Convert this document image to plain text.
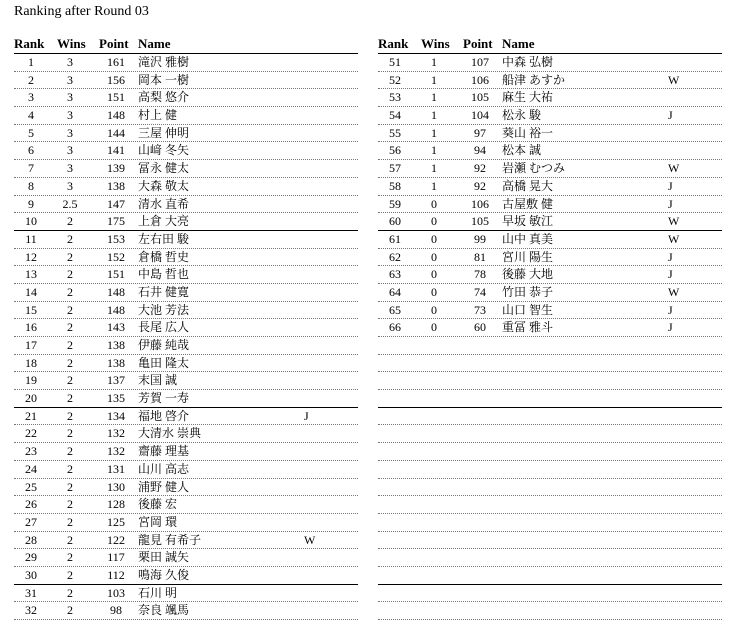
Ranking after Round 03
Rank Wins Point Name
1	3	161	滝沢 雅樹
2	3	156	岡本 一樹
3	3	151	高梨 悠介
4	3	148	村上 健
5	3	144	三屋 伸明
6	3	141	山﨑 冬矢
7	3	139	冨永 健太
8	3	138	大森 敬太
9	2.5	147	清水 直希
10	2	175	上倉 大亮
11	2	153	左右田 駿
12	2	152	倉橋 哲史
13	2	151	中島 哲也
14	2	148	石井 健寛
15	2	148	大池 芳法
16	2	143	長尾 広人
17	2	138	伊藤 純哉
18	2	138	亀田 隆太
19	2	137	末国 誠
20	2	135	芳賀 一寿
21	2	134	福地 啓介	J
22	2	132	大清水 崇典
23	2	132	齋藤 理基
24	2	131	山川 高志
25	2	130	浦野 健人
26	2	128	後藤 宏
27	2	125	宮岡 環
28	2	122	龍見 有希子	W
29	2	117	栗田 誠矢
30	2	112	鳴海 久俊
31	2	103	石川 明
32	2	98	奈良 颯馬
Rank Wins Point Name
51	1	107	中森 弘樹
52	1	106	船津 あすか	W
53	1	105	麻生 大祐
54	1	104	松永 駿	J
55	1	97	葵山 裕一
56	1	94	松本 誠
57	1	92	岩瀬 むつみ	W
58	1	92	高橋 晃大	J
59	0	106	古屋敷 健	J
60	0	105	早坂 敏江	W
61	0	99	山中 真美	W
62	0	81	宮川 陽生	J
63	0	78	後藤 大地	J
64	0	74	竹田 恭子	W
65	0	73	山口 智生	J
66	0	60	重冨 雅斗	J
